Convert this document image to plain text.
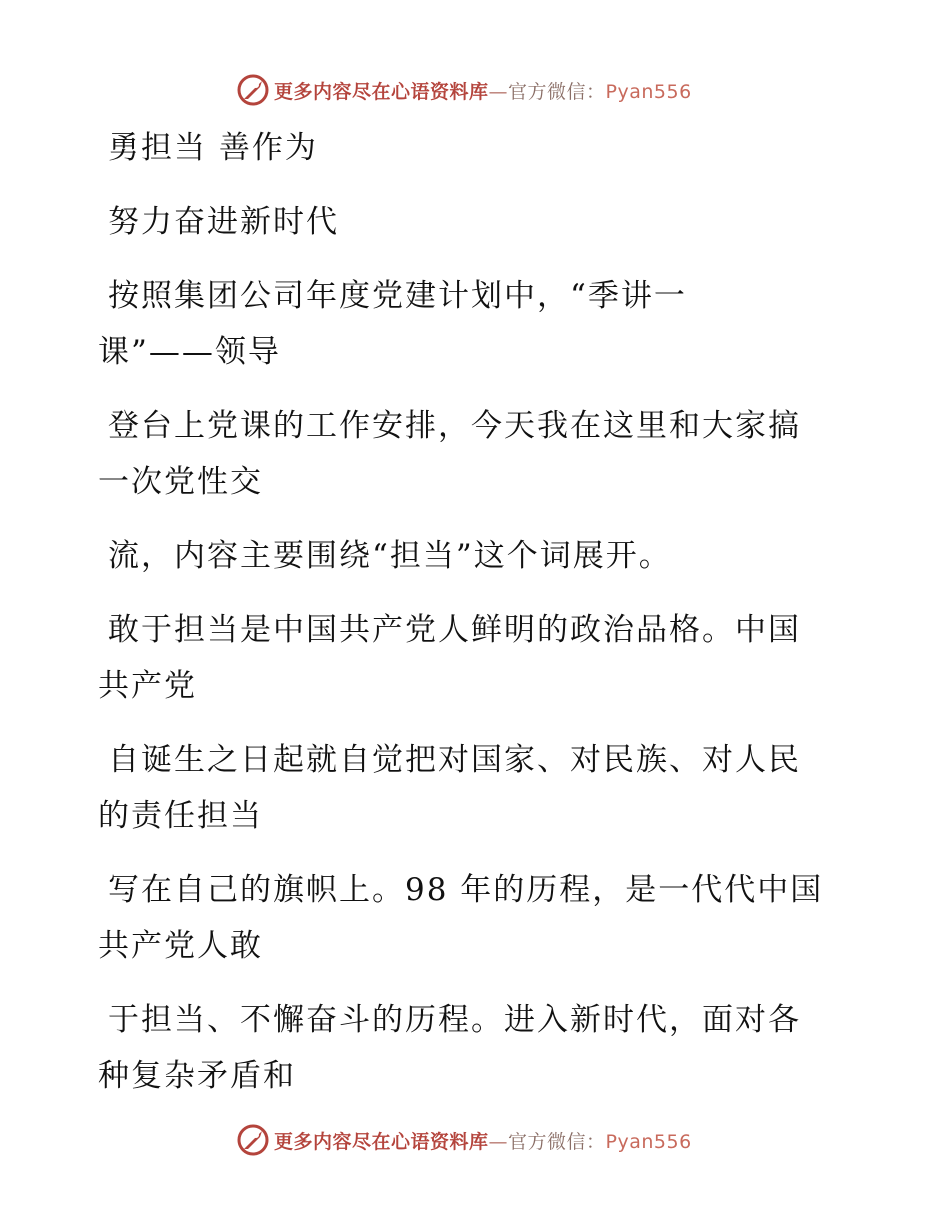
更多内容尽在心语资料库—官方微信：Pyan556

勇担当 善作为

努力奋进新时代

按照集团公司年度党建计划中，“季讲一
课”——领导

登台上党课的工作安排，今天我在这里和大家搞
一次党性交

流，内容主要围绕“担当”这个词展开。

敢于担当是中国共产党人鲜明的政治品格。中国
共产党

自诞生之日起就自觉把对国家、对民族、对人民
的责任担当

写在自己的旗帜上。98 年的历程，是一代代中国
共产党人敢

于担当、不懈奋斗的历程。进入新时代，面对各
种复杂矛盾和

更多内容尽在心语资料库—官方微信：Pyan556
